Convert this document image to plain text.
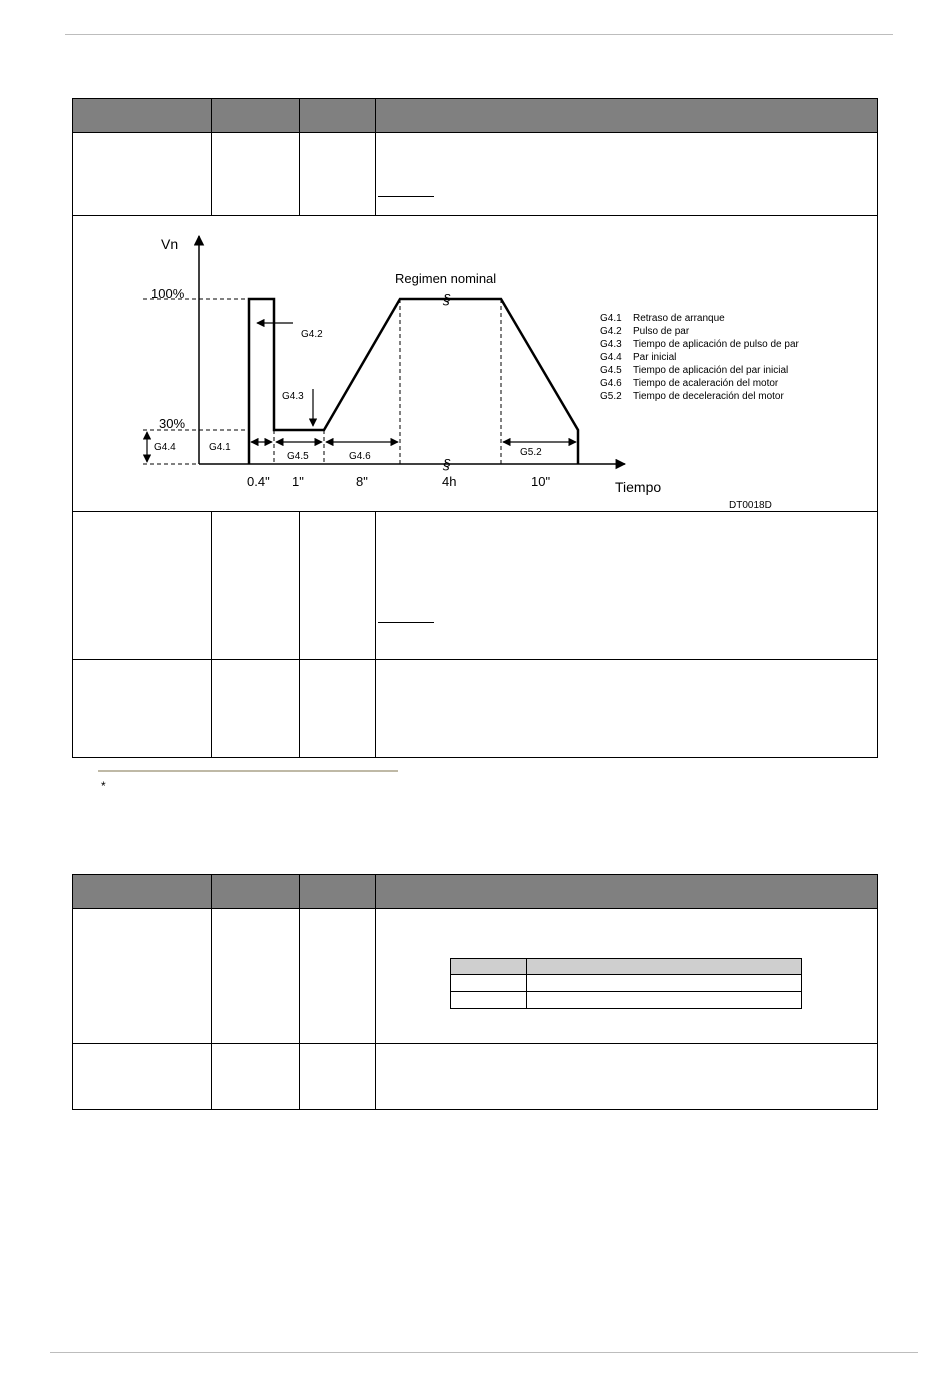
Vn
Tiempo
100%
30%
Regimen nominal
§
§
G4.1
G4.2
G4.3
G4.4
G4.5	G4.6	G5.2
0.4" 1"	8"	4h	10"
G4.1 Retraso de arranque
G4.2 Pulso de par
G4.3 Tiempo de aplicación de pulso de par
G4.4 Par inicial
G4.5 Tiempo de aplicación del par inicial
G4.6 Tiempo de acaleración del motor
G5.2 Tiempo de deceleración del motor
DT0018D
*
